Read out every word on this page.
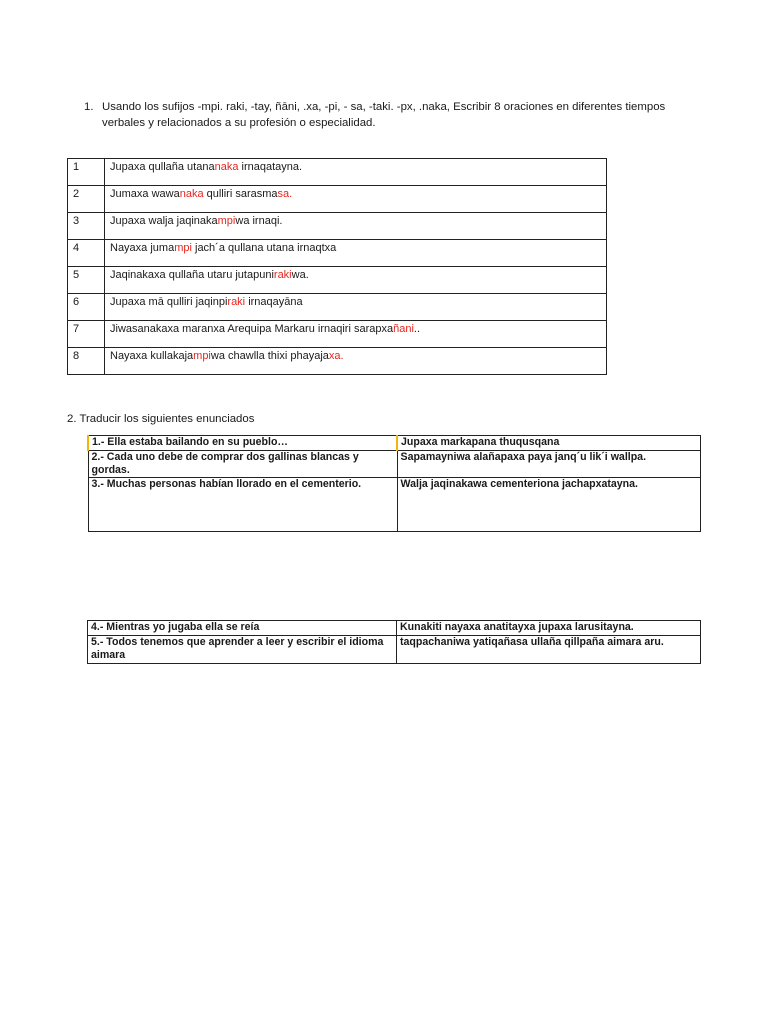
1. Usando los sufijos -mpi. raki, -tay, ñāni, .xa, -pi, - sa, -taki. -px, .naka, Escribir 8 oraciones en diferentes tiempos verbales y relacionados a su profesión o especialidad.
1	Jupaxa qullaña utananaka irnaqatayna.
2	Jumaxa wawanaka qulliri sarasmasa.
3	Jupaxa walja jaqinakampiwa irnaqi.
4	Nayaxa jumampi jach´a qullana utana irnaqtxa
5	Jaqinakaxa qullaña utaru jutapunirakiwa.
6	Jupaxa mā qulliri jaqinpiraki irnaqayāna
7	Jiwasanakaxa maranxa Arequipa Markaru irnaqiri sarapxañani..
8	Nayaxa kullakajampiwa chawlla thixi phayajaxa.
2. Traducir los siguientes enunciados
1.- Ella estaba bailando en su pueblo…	Jupaxa markapana thuqusqana
2.- Cada uno debe de comprar dos gallinas blancas y gordas.	Sapamayniwa alañapaxa paya janq´u lik´i wallpa.
3.- Muchas personas habían llorado en el cementerio.	Walja jaqinakawa cementeriona jachapxatayna.
4.- Mientras yo jugaba ella se reía	Kunakiti nayaxa anatitayxa jupaxa larusitayna.
5.- Todos tenemos que aprender a leer y escribir el idioma aimara	taqpachaniwa yatiqañasa ullaña qillpaña aimara aru.
